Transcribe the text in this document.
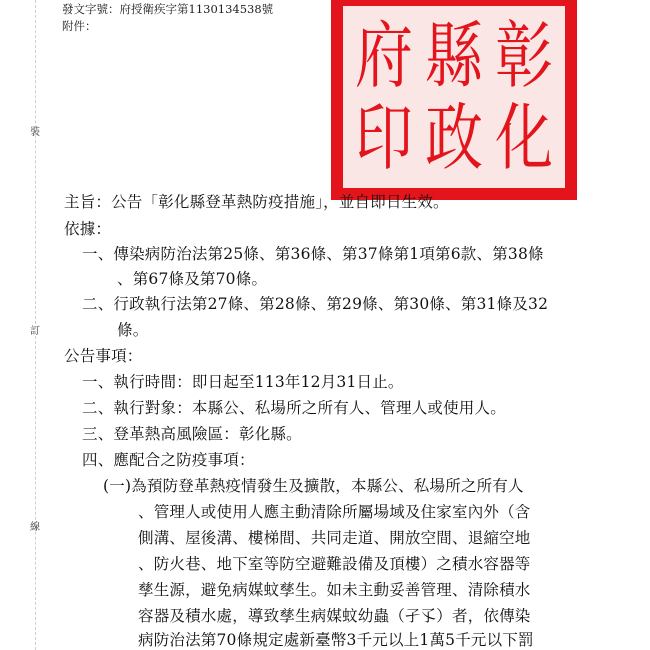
裝
訂
線
發文字號：府授衛疾字第1130134538號
附件：	府 縣 彰
印 政 化
主旨：公告「彰化縣登革熱防疫措施」，並自即日生效。
依據：
一、傳染病防治法第25條、第36條、第37條第1項第6款、第38條
、第67條及第70條。
二、行政執行法第27條、第28條、第29條、第30條、第31條及32
條。
公告事項：
一、執行時間：即日起至113年12月31日止。
二、執行對象：本縣公、私場所之所有人、管理人或使用人。
三、登革熱高風險區：彰化縣。
四、應配合之防疫事項：
(一)為預防登革熱疫情發生及擴散，本縣公、私場所之所有人
、管理人或使用人應主動清除所屬場域及住家室內外（含
側溝、屋後溝、樓梯間、共同走道、開放空間、退縮空地
、防火巷、地下室等防空避難設備及頂樓）之積水容器等
孳生源，避免病媒蚊孳生。如未主動妥善管理、清除積水
容器及積水處，導致孳生病媒蚊幼蟲（孑孓）者，依傳染
病防治法第70條規定處新臺幣3千元以上1萬5千元以下罰
